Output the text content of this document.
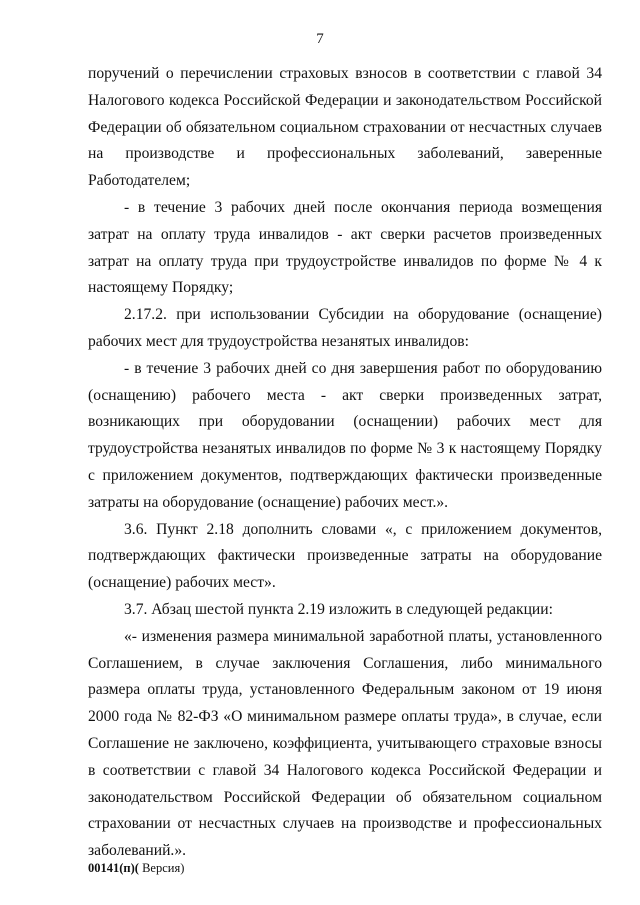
7

поручений о перечислении страховых взносов в соответствии с главой 34 Налогового кодекса Российской Федерации и законодательством Российской Федерации об обязательном социальном страховании от несчастных случаев на производстве и профессиональных заболеваний, заверенные Работодателем;

- в течение 3 рабочих дней после окончания периода возмещения затрат на оплату труда инвалидов - акт сверки расчетов произведенных затрат на оплату труда при трудоустройстве инвалидов по форме № 4 к настоящему Порядку;

2.17.2. при использовании Субсидии на оборудование (оснащение) рабочих мест для трудоустройства незанятых инвалидов:

- в течение 3 рабочих дней со дня завершения работ по оборудованию (оснащению) рабочего места - акт сверки произведенных затрат, возникающих при оборудовании (оснащении) рабочих мест для трудоустройства незанятых инвалидов по форме № 3 к настоящему Порядку с приложением документов, подтверждающих фактически произведенные затраты на оборудование (оснащение) рабочих мест.».

3.6. Пункт 2.18 дополнить словами «, с приложением документов, подтверждающих фактически произведенные затраты на оборудование (оснащение) рабочих мест».

3.7. Абзац шестой пункта 2.19 изложить в следующей редакции:

«- изменения размера минимальной заработной платы, установленного Соглашением, в случае заключения Соглашения, либо минимального размера оплаты труда, установленного Федеральным законом от 19 июня 2000 года № 82-ФЗ «О минимальном размере оплаты труда», в случае, если Соглашение не заключено, коэффициента, учитывающего страховые взносы в соответствии с главой 34 Налогового кодекса Российской Федерации и законодательством Российской Федерации об обязательном социальном страховании от несчастных случаев на производстве и профессиональных заболеваний.».

00141(п)( Версия)
